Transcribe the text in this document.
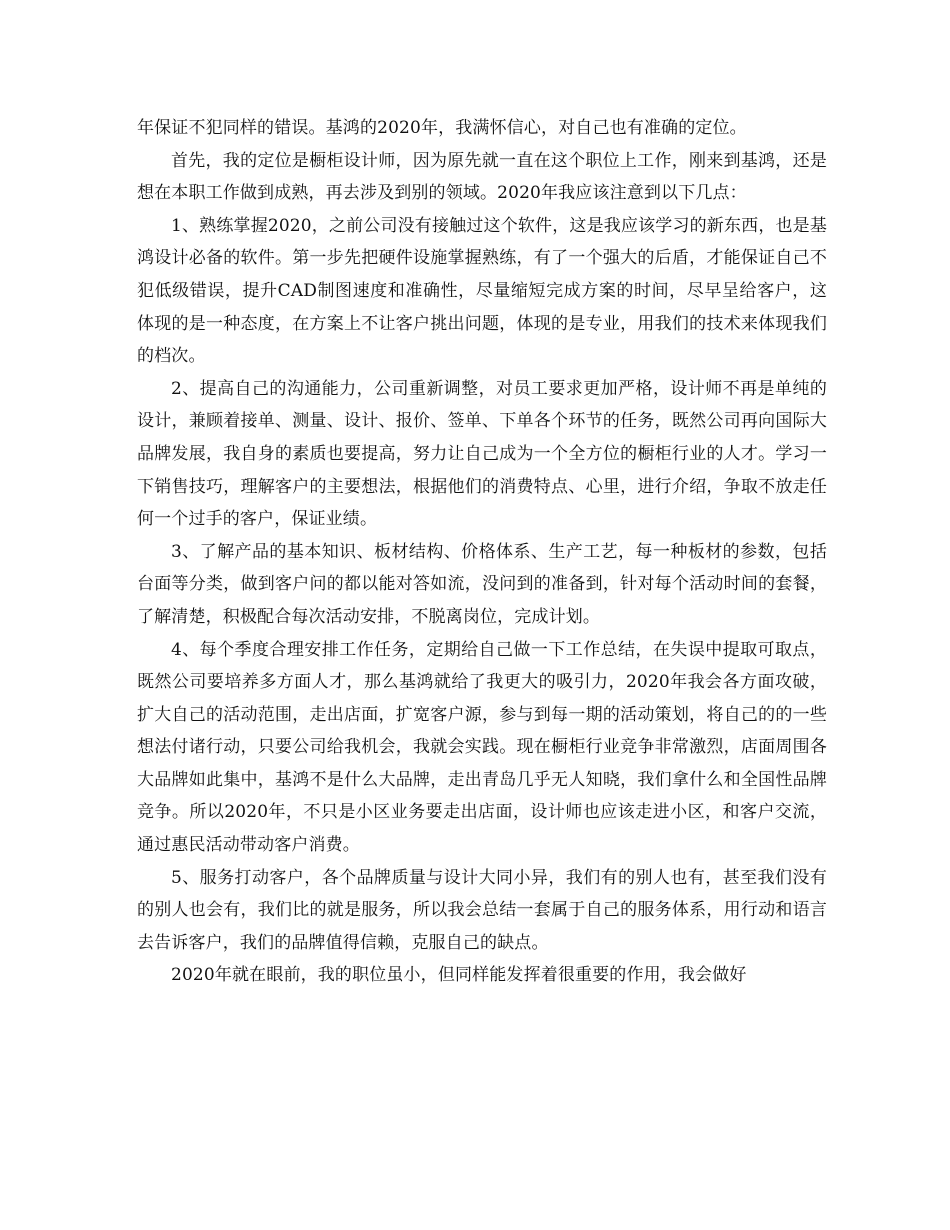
年保证不犯同样的错误。基鸿的2020年，我满怀信心，对自己也有准确的定位。

首先，我的定位是橱柜设计师，因为原先就一直在这个职位上工作，刚来到基鸿，还是想在本职工作做到成熟，再去涉及到别的领域。2020年我应该注意到以下几点：

1、熟练掌握2020，之前公司没有接触过这个软件，这是我应该学习的新东西，也是基鸿设计必备的软件。第一步先把硬件设施掌握熟练，有了一个强大的后盾，才能保证自己不犯低级错误，提升CAD制图速度和准确性，尽量缩短完成方案的时间，尽早呈给客户，这体现的是一种态度，在方案上不让客户挑出问题，体现的是专业，用我们的技术来体现我们的档次。

2、提高自己的沟通能力，公司重新调整，对员工要求更加严格，设计师不再是单纯的设计，兼顾着接单、测量、设计、报价、签单、下单各个环节的任务，既然公司再向国际大品牌发展，我自身的素质也要提高，努力让自己成为一个全方位的橱柜行业的人才。学习一下销售技巧，理解客户的主要想法，根据他们的消费特点、心里，进行介绍，争取不放走任何一个过手的客户，保证业绩。

3、了解产品的基本知识、板材结构、价格体系、生产工艺，每一种板材的参数，包括台面等分类，做到客户问的都以能对答如流，没问到的准备到，针对每个活动时间的套餐，了解清楚，积极配合每次活动安排，不脱离岗位，完成计划。

4、每个季度合理安排工作任务，定期给自己做一下工作总结，在失误中提取可取点，既然公司要培养多方面人才，那么基鸿就给了我更大的吸引力，2020年我会各方面攻破，扩大自己的活动范围，走出店面，扩宽客户源，参与到每一期的活动策划，将自己的的一些想法付诸行动，只要公司给我机会，我就会实践。现在橱柜行业竞争非常激烈，店面周围各大品牌如此集中，基鸿不是什么大品牌，走出青岛几乎无人知晓，我们拿什么和全国性品牌竞争。所以2020年，不只是小区业务要走出店面，设计师也应该走进小区，和客户交流，通过惠民活动带动客户消费。

5、服务打动客户，各个品牌质量与设计大同小异，我们有的别人也有，甚至我们没有的别人也会有，我们比的就是服务，所以我会总结一套属于自己的服务体系，用行动和语言去告诉客户，我们的品牌值得信赖，克服自己的缺点。

2020年就在眼前，我的职位虽小，但同样能发挥着很重要的作用，我会做好
